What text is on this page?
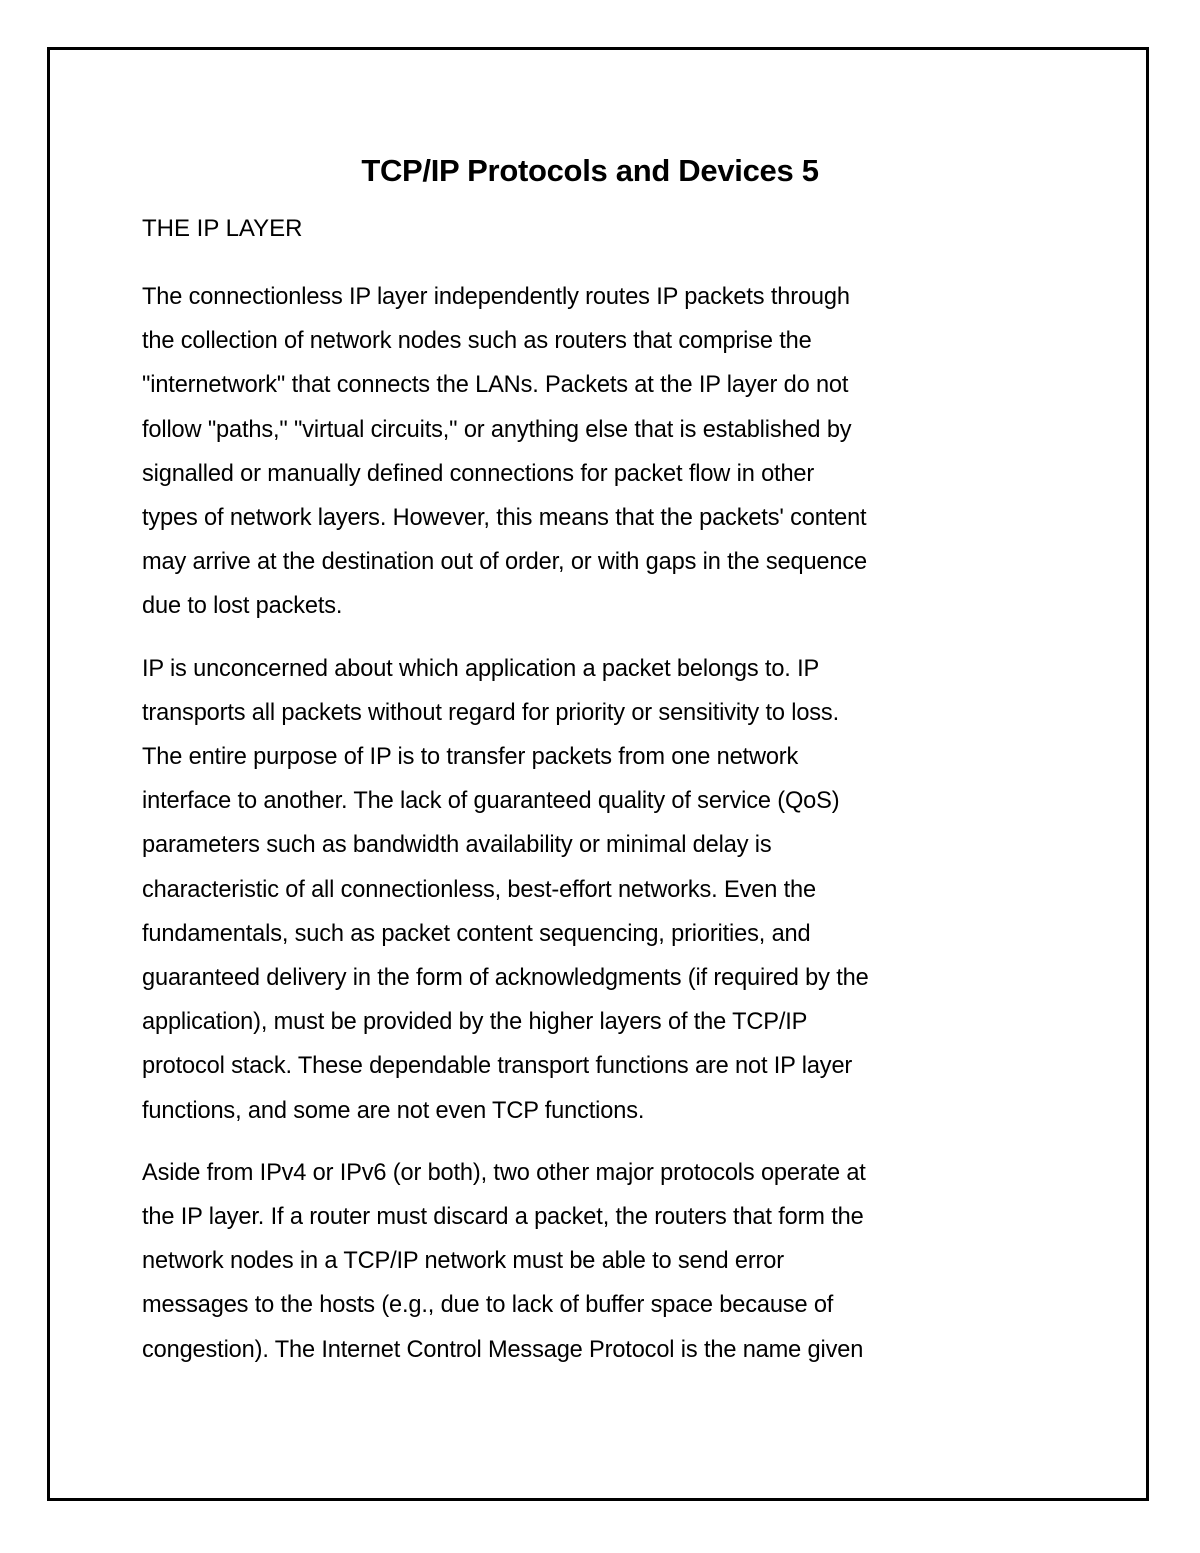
TCP/IP Protocols and Devices 5
THE IP LAYER

The connectionless IP layer independently routes IP packets through
the collection of network nodes such as routers that comprise the
"internetwork" that connects the LANs. Packets at the IP layer do not
follow "paths," "virtual circuits," or anything else that is established by
signalled or manually defined connections for packet flow in other
types of network layers. However, this means that the packets' content
may arrive at the destination out of order, or with gaps in the sequence
due to lost packets.

IP is unconcerned about which application a packet belongs to. IP
transports all packets without regard for priority or sensitivity to loss.
The entire purpose of IP is to transfer packets from one network
interface to another. The lack of guaranteed quality of service (QoS)
parameters such as bandwidth availability or minimal delay is
characteristic of all connectionless, best-effort networks. Even the
fundamentals, such as packet content sequencing, priorities, and
guaranteed delivery in the form of acknowledgments (if required by the
application), must be provided by the higher layers of the TCP/IP
protocol stack. These dependable transport functions are not IP layer
functions, and some are not even TCP functions.

Aside from IPv4 or IPv6 (or both), two other major protocols operate at
the IP layer. If a router must discard a packet, the routers that form the
network nodes in a TCP/IP network must be able to send error
messages to the hosts (e.g., due to lack of buffer space because of
congestion). The Internet Control Message Protocol is the name given
